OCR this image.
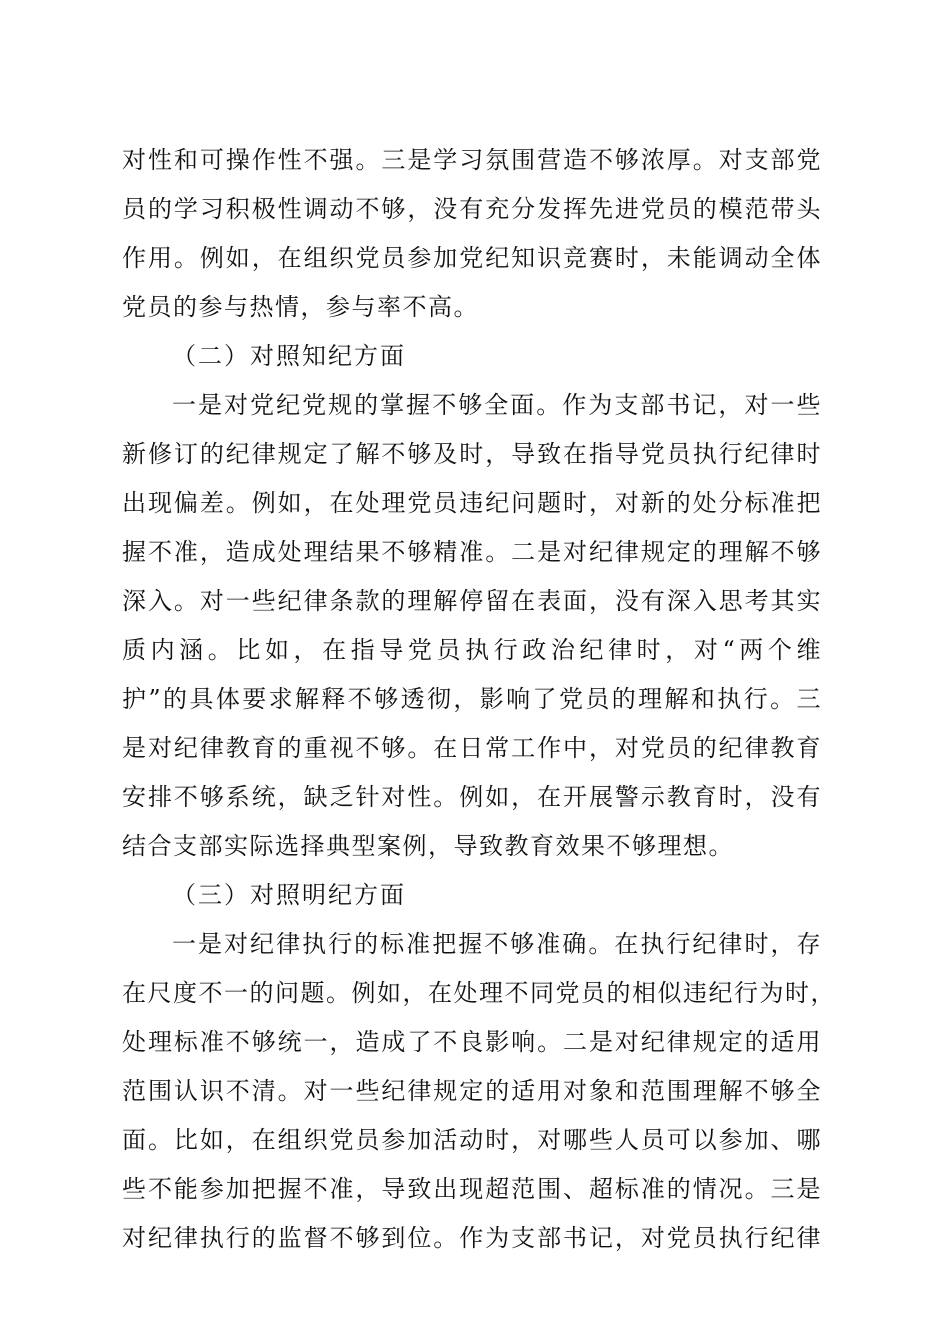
对性和可操作性不强。三是学习氛围营造不够浓厚。对支部党
员的学习积极性调动不够，没有充分发挥先进党员的模范带头
作用。例如，在组织党员参加党纪知识竞赛时，未能调动全体
党员的参与热情，参与率不高。
（二）对照知纪方面
一是对党纪党规的掌握不够全面。作为支部书记，对一些
新修订的纪律规定了解不够及时，导致在指导党员执行纪律时
出现偏差。例如，在处理党员违纪问题时，对新的处分标准把
握不准，造成处理结果不够精准。二是对纪律规定的理解不够
深入。对一些纪律条款的理解停留在表面，没有深入思考其实
质内涵。比如，在指导党员执行政治纪律时，对“两个维
护”的具体要求解释不够透彻，影响了党员的理解和执行。三
是对纪律教育的重视不够。在日常工作中，对党员的纪律教育
安排不够系统，缺乏针对性。例如，在开展警示教育时，没有
结合支部实际选择典型案例，导致教育效果不够理想。
（三）对照明纪方面
一是对纪律执行的标准把握不够准确。在执行纪律时，存
在尺度不一的问题。例如，在处理不同党员的相似违纪行为时，
处理标准不够统一，造成了不良影响。二是对纪律规定的适用
范围认识不清。对一些纪律规定的适用对象和范围理解不够全
面。比如，在组织党员参加活动时，对哪些人员可以参加、哪
些不能参加把握不准，导致出现超范围、超标准的情况。三是
对纪律执行的监督不够到位。作为支部书记，对党员执行纪律
